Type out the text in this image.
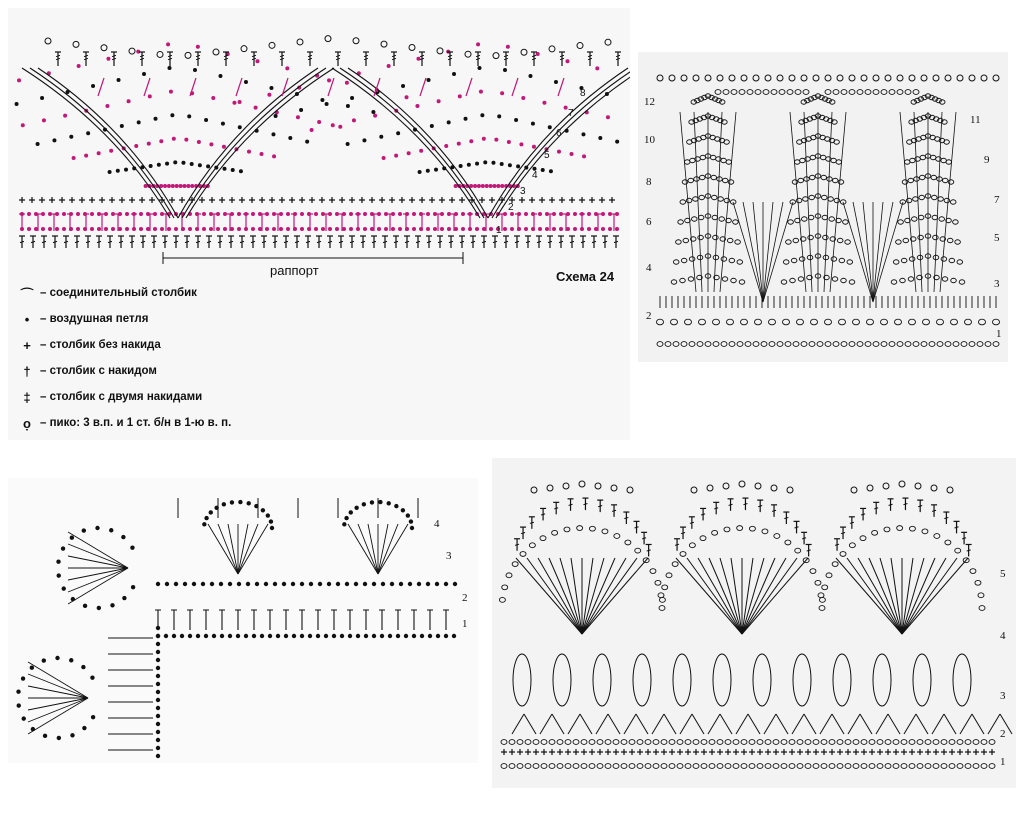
1
2
3
4
5
6
7
8
раппорт	Схема 24
⌒ – соединительный столбик
• – воздушная петля
+ – столбик без накида
† – столбик с накидом
‡ – столбик с двумя накидами
ọ – пико: 3 в.п. и 1 ст. б/н в 1-ю в. п.
12
10
8
6
4
2
11
9
7
5
3
1
4
3
2
1
5
4
3
2
1
